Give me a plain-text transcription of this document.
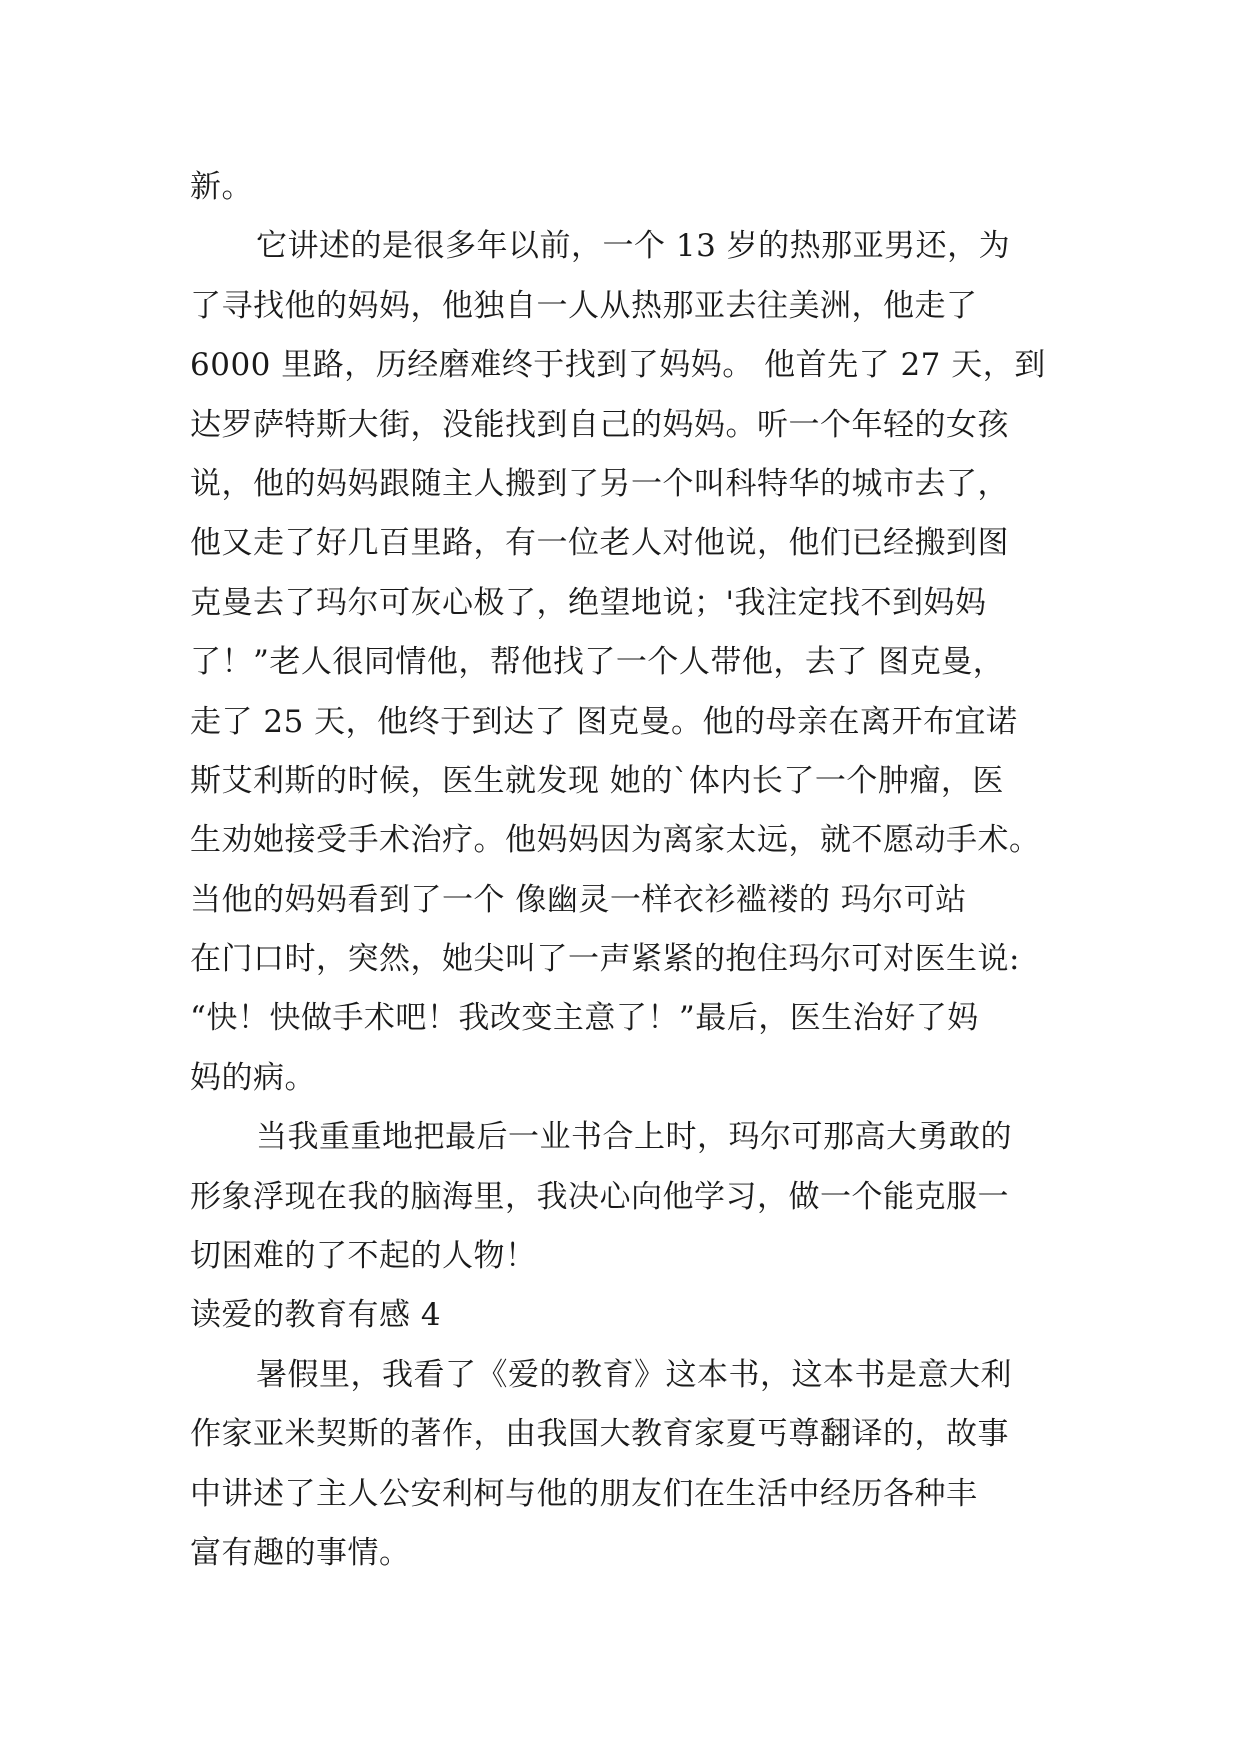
新。
它讲述的是很多年以前，一个 13 岁的热那亚男还，为
了寻找他的妈妈，他独自一人从热那亚去往美洲，他走了
6000 里路，历经磨难终于找到了妈妈。 他首先了 27 天，到
达罗萨特斯大街，没能找到自己的妈妈。听一个年轻的女孩
说，他的妈妈跟随主人搬到了另一个叫科特华的城市去了，
他又走了好几百里路，有一位老人对他说，他们已经搬到图
克曼去了玛尔可灰心极了，绝望地说；'我注定找不到妈妈
了！”老人很同情他，帮他找了一个人带他，去了 图克曼，
走了 25 天，他终于到达了 图克曼。他的母亲在离开布宜诺
斯艾利斯的时候，医生就发现 她的`体内长了一个肿瘤，医
生劝她接受手术治疗。他妈妈因为离家太远，就不愿动手术。
当他的妈妈看到了一个 像幽灵一样衣衫褴褛的 玛尔可站
在门口时，突然，她尖叫了一声紧紧的抱住玛尔可对医生说:
“快！快做手术吧！我改变主意了！”最后，医生治好了妈
妈的病。
当我重重地把最后一业书合上时，玛尔可那高大勇敢的
形象浮现在我的脑海里，我决心向他学习，做一个能克服一
切困难的了不起的人物！
读爱的教育有感 4
暑假里，我看了《爱的教育》这本书，这本书是意大利
作家亚米契斯的著作，由我国大教育家夏丐尊翻译的，故事
中讲述了主人公安利柯与他的朋友们在生活中经历各种丰
富有趣的事情。
